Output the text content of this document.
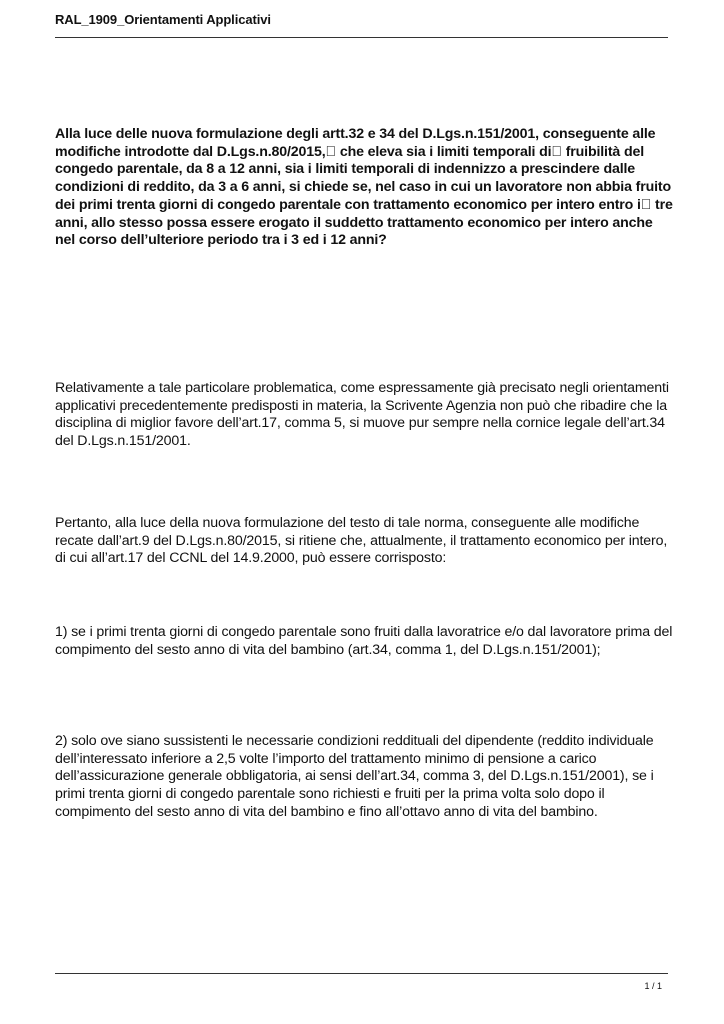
RAL_1909_Orientamenti Applicativi

Alla luce delle nuova formulazione degli artt.32 e 34 del D.Lgs.n.151/2001, conseguente alle modifiche introdotte dal D.Lgs.n.80/2015,  che eleva sia i limiti temporali di  fruibilità del congedo parentale, da 8 a 12 anni, sia i limiti temporali di indennizzo a prescindere dalle condizioni di reddito, da 3 a 6 anni, si chiede se, nel caso in cui un lavoratore non abbia fruito dei primi trenta giorni di congedo parentale con trattamento economico per intero entro i  tre anni, allo stesso possa essere erogato il suddetto trattamento economico per intero anche nel corso dell’ulteriore periodo tra i 3 ed i 12 anni?

Relativamente a tale particolare problematica, come espressamente già precisato negli orientamenti applicativi precedentemente predisposti in materia, la Scrivente Agenzia non può che ribadire che la disciplina di miglior favore dell’art.17, comma 5, si muove pur sempre nella cornice legale dell’art.34 del D.Lgs.n.151/2001.

Pertanto, alla luce della nuova formulazione del testo di tale norma, conseguente alle modifiche recate dall’art.9 del D.Lgs.n.80/2015, si ritiene che, attualmente, il trattamento economico per intero, di cui all’art.17 del CCNL del 14.9.2000, può essere corrisposto:

1) se i primi trenta giorni di congedo parentale sono fruiti dalla lavoratrice e/o dal lavoratore prima del compimento del sesto anno di vita del bambino (art.34, comma 1, del D.Lgs.n.151/2001);

2) solo ove siano sussistenti le necessarie condizioni reddituali del dipendente (reddito individuale dell’interessato inferiore a 2,5 volte l’importo del trattamento minimo di pensione a carico dell’assicurazione generale obbligatoria, ai sensi dell’art.34, comma 3, del D.Lgs.n.151/2001), se i primi trenta giorni di congedo parentale sono richiesti e fruiti per la prima volta solo dopo il compimento del sesto anno di vita del bambino e fino all’ottavo anno di vita del bambino.

1 / 1
